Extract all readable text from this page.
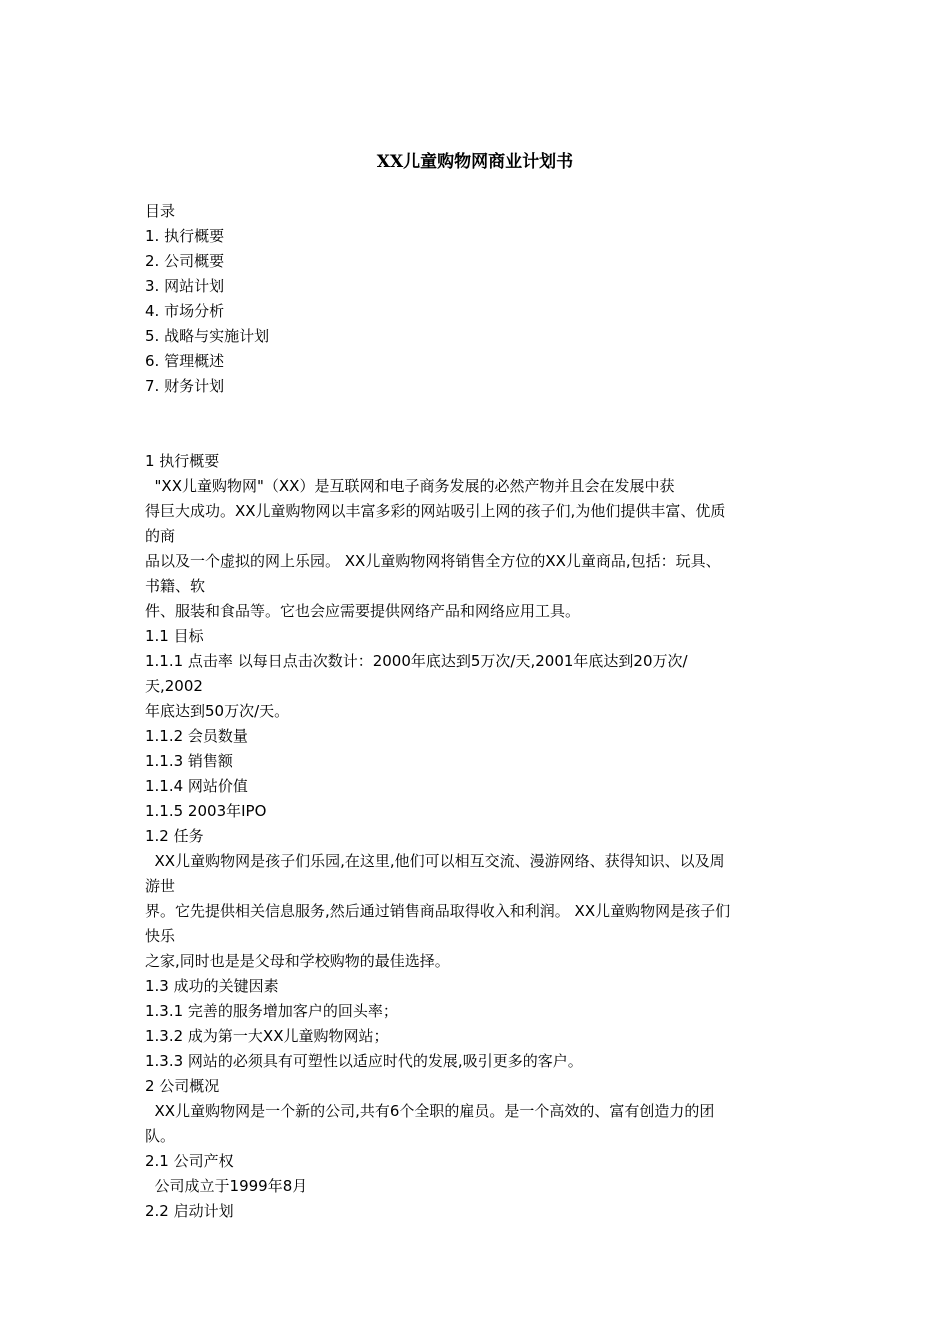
XX儿童购物网商业计划书

目录

1. 执行概要

2. 公司概要

3. 网站计划

4. 市场分析

5. 战略与实施计划

6. 管理概述

7. 财务计划

1 执行概要

"XX儿童购物网"（XX）是互联网和电子商务发展的必然产物并且会在发展中获

得巨大成功。XX儿童购物网以丰富多彩的网站吸引上网的孩子们,为他们提供丰富、优质

的商

品以及一个虚拟的网上乐园。 XX儿童购物网将销售全方位的XX儿童商品,包括：玩具、

书籍、软

件、服装和食品等。它也会应需要提供网络产品和网络应用工具。

1.1 目标

1.1.1 点击率 以每日点击次数计：2000年底达到5万次/天,2001年底达到20万次/

天,2002

年底达到50万次/天。

1.1.2 会员数量

1.1.3 销售额

1.1.4 网站价值

1.1.5 2003年IPO

1.2 任务

XX儿童购物网是孩子们乐园,在这里,他们可以相互交流、漫游网络、获得知识、以及周

游世

界。它先提供相关信息服务,然后通过销售商品取得收入和利润。 XX儿童购物网是孩子们

快乐

之家,同时也是是父母和学校购物的最佳选择。

1.3 成功的关键因素

1.3.1 完善的服务增加客户的回头率；

1.3.2 成为第一大XX儿童购物网站；

1.3.3 网站的必须具有可塑性以适应时代的发展,吸引更多的客户。

2 公司概况

XX儿童购物网是一个新的公司,共有6个全职的雇员。是一个高效的、富有创造力的团

队。

2.1 公司产权

公司成立于1999年8月

2.2 启动计划
